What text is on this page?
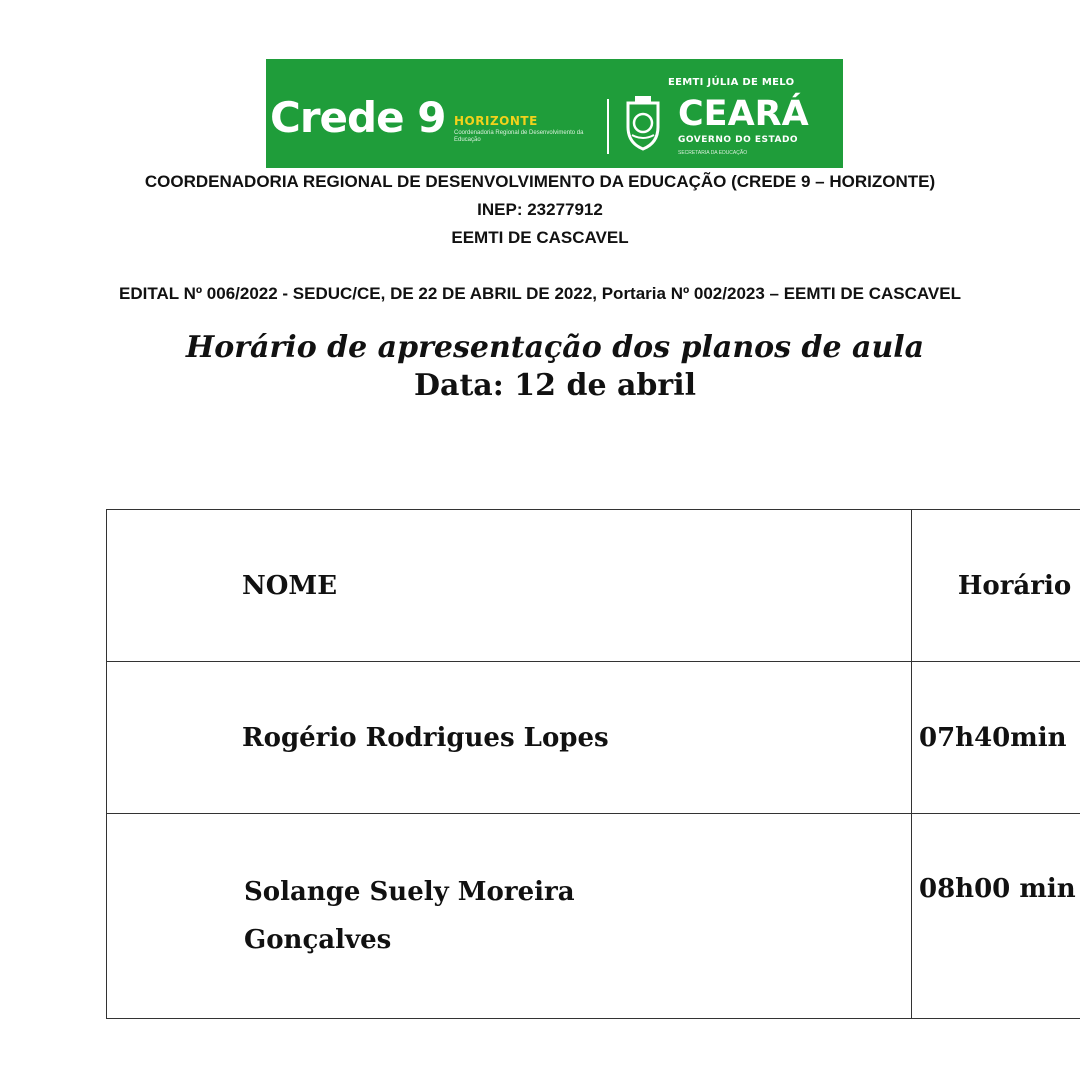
Crede 9 HORIZONTE
Coordenadoria Regional de Desenvolvimento da Educação
EEMTI JÚLIA DE MELO
CEARÁ
GOVERNO DO ESTADO
SECRETARIA DA EDUCAÇÃO
COORDENADORIA REGIONAL DE DESENVOLVIMENTO DA EDUCAÇÃO (CREDE 9 – HORIZONTE)
INEP: 23277912
EEMTI DE CASCAVEL
EDITAL Nº 006/2022 - SEDUC/CE, DE 22 DE ABRIL DE 2022, Portaria Nº 002/2023 – EEMTI DE CASCAVEL
Horário de apresentação dos planos de aula
Data: 12 de abril
NOME	Horário
Rogério Rodrigues Lopes	07h40min

Solange Suely Moreira
Gonçalves	08h00 min
